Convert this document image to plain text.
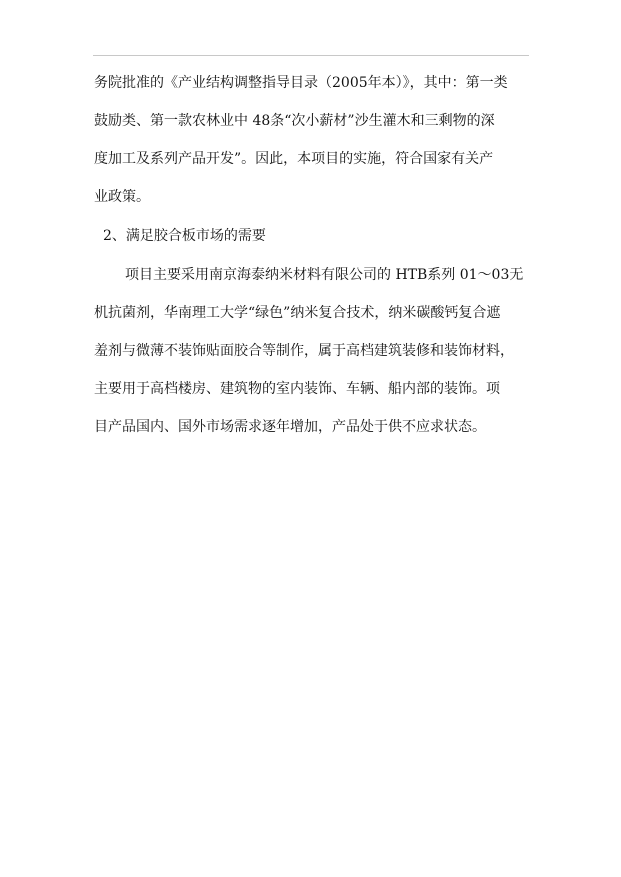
务院批准的《产业结构调整指导目录（2005年本）》，其中：第一类
鼓励类、第一款农林业中 48条“次小薪材”沙生灌木和三剩物的深
度加工及系列产品开发”。因此，本项目的实施，符合国家有关产
业政策。
2、满足胶合板市场的需要
项目主要采用南京海泰纳米材料有限公司的 HTB系列 01～03无
机抗菌剂，华南理工大学“绿色”纳米复合技术，纳米碳酸钙复合遮
羞剂与微薄不装饰贴面胶合等制作，属于高档建筑装修和装饰材料，
主要用于高档楼房、建筑物的室内装饰、车辆、船内部的装饰。项
目产品国内、国外市场需求逐年增加，产品处于供不应求状态。
